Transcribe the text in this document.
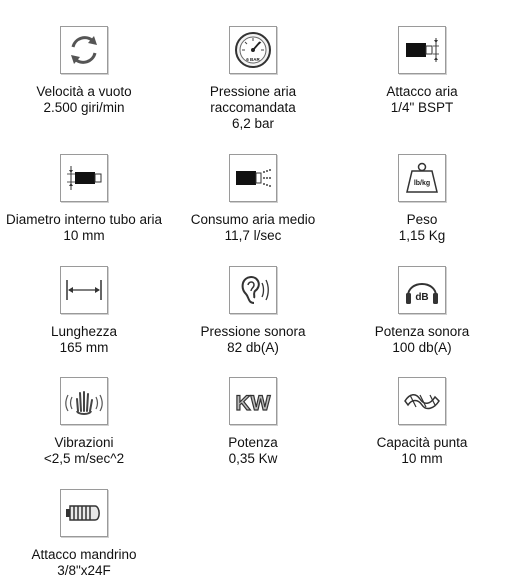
Velocità a vuoto
2.500 giri/min
6 BAR
Pressione aria
raccomandata
6,2 bar
Attacco aria
1/4" BSPT
Diametro interno tubo aria
10 mm
Consumo aria medio
11,7 l/sec
lb/kg
Peso
1,15 Kg
Lunghezza
165 mm
Pressione sonora
82 db(A)
dB
Potenza sonora
100 db(A)
Vibrazioni
<2,5 m/sec^2
KW
Potenza
0,35 Kw
Capacità punta
10 mm
Attacco mandrino
3/8"x24F
